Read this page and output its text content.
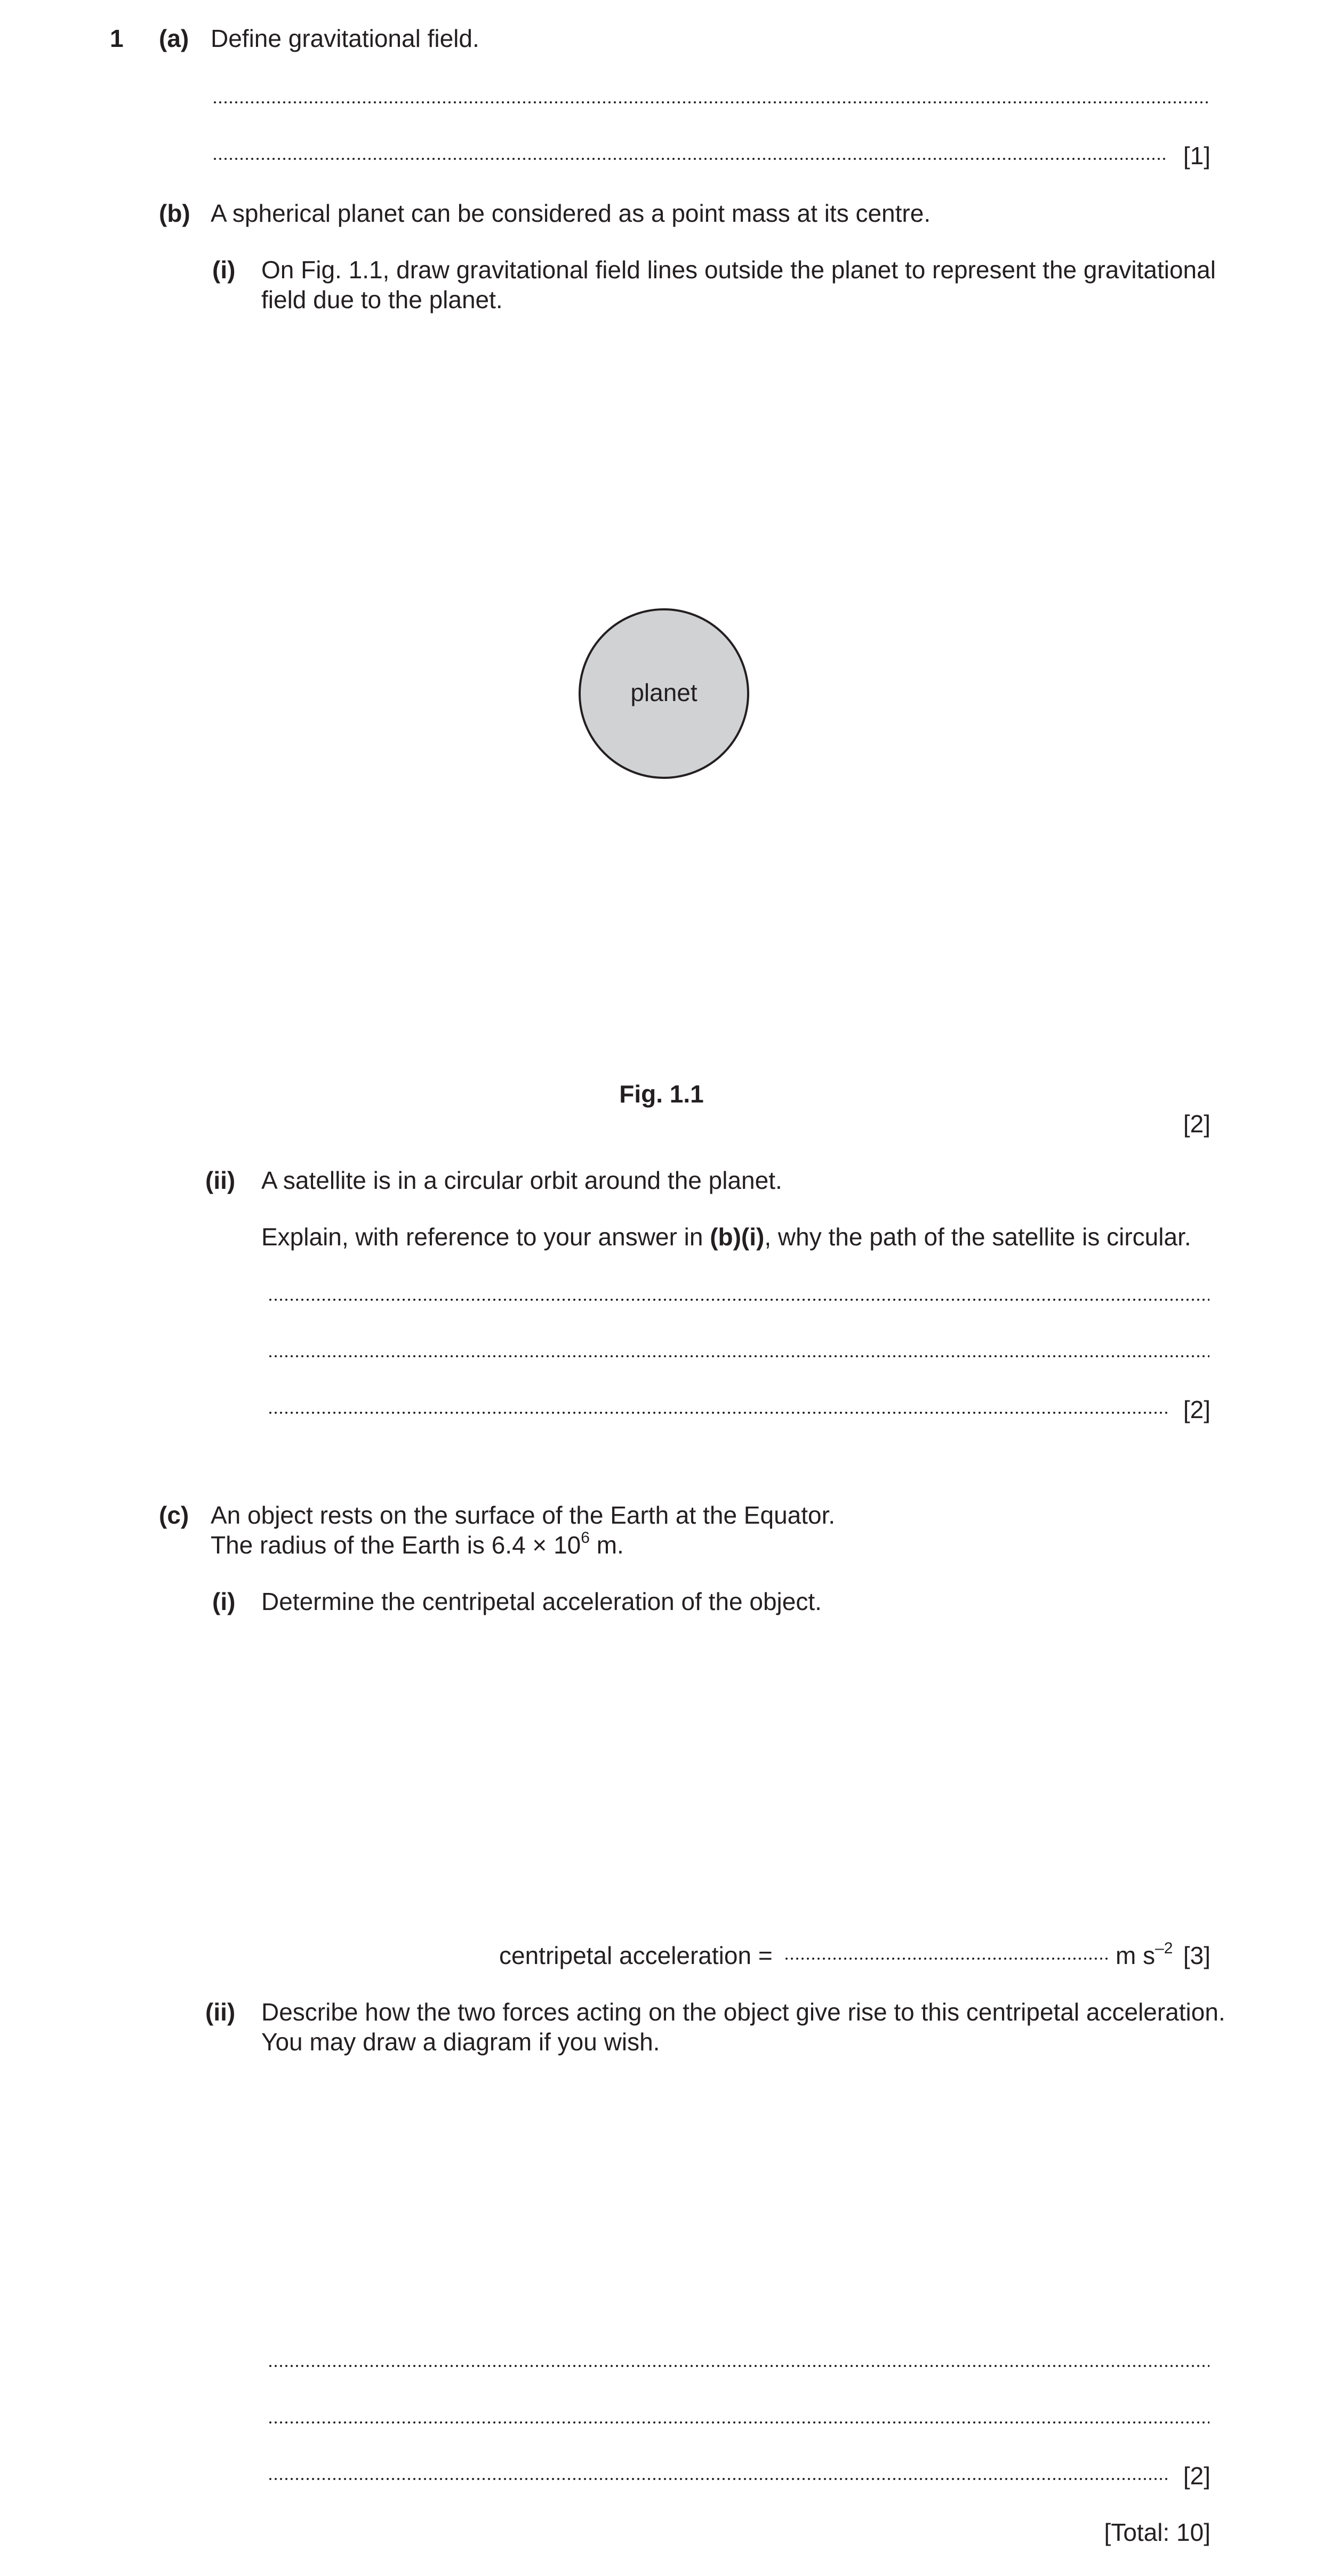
1 (a) Define gravitational field.
[1]
(b) A spherical planet can be considered as a point mass at its centre.
(i) On Fig. 1.1, draw gravitational field lines outside the planet to represent the gravitational
field due to the planet.
planet
Fig. 1.1
[2]
(ii) A satellite is in a circular orbit around the planet.
Explain, with reference to your answer in (b)(i), why the path of the satellite is circular.
[2]
(c) An object rests on the surface of the Earth at the Equator.
The radius of the Earth is $6.4 \times 10^6$ m.
(i) Determine the centripetal acceleration of the object.
centripetal acceleration =	m $s^{-2}$ [3]
(ii) Describe how the two forces acting on the object give rise to this centripetal acceleration.
You may draw a diagram if you wish.
[2]
[Total: 10]
